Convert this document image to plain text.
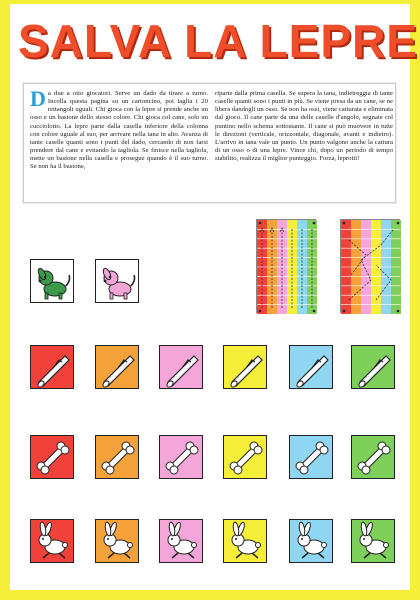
SALVA LA LEPRE
Da due a otto giocatori. Serve un dado da tirare a turno. Incolla questa pagina su un cartoncino, poi taglia i 20 rettangoli uguali. Chi gioca con la lepre si prende anche un osso e un bastone dello stesso colore. Chi gioca col cane, solo un cucciolotto. La lepre parte dalla casella inferiore della colonna con colore uguale al suo, per arrivare nella tana in alto. Avanza di tante caselle quanti sono i punti del dado, cercando di non farsi prendere dal cane e evitando la tagliola. Se finisce nella tagliola, mette un bastone nella casella e prosegue quando è il suo turno. Se non ha il bastone,
riparte dalla prima casella. Se supera la tana, indietreggia di tante caselle quanti sono i punti in più. Se viene presa da un cane, se ne libera dandogli un osso. Se non ha ossi, viene catturata e eliminata dal gioco. Il cane parte da una delle caselle d'angolo, segnate col puntino nello schema sottostante. Il cane si può muovere in tutte le direzioni (verticale, orizzontale, diagonale, avanti e indietro). L'arrivo in tana vale un punto. Un punto valgono anche la cattura di un osso o di una lepre. Vince chi, dopo un periodo di tempo stabilito, realizza il miglior punteggio. Forza, leprotti!
